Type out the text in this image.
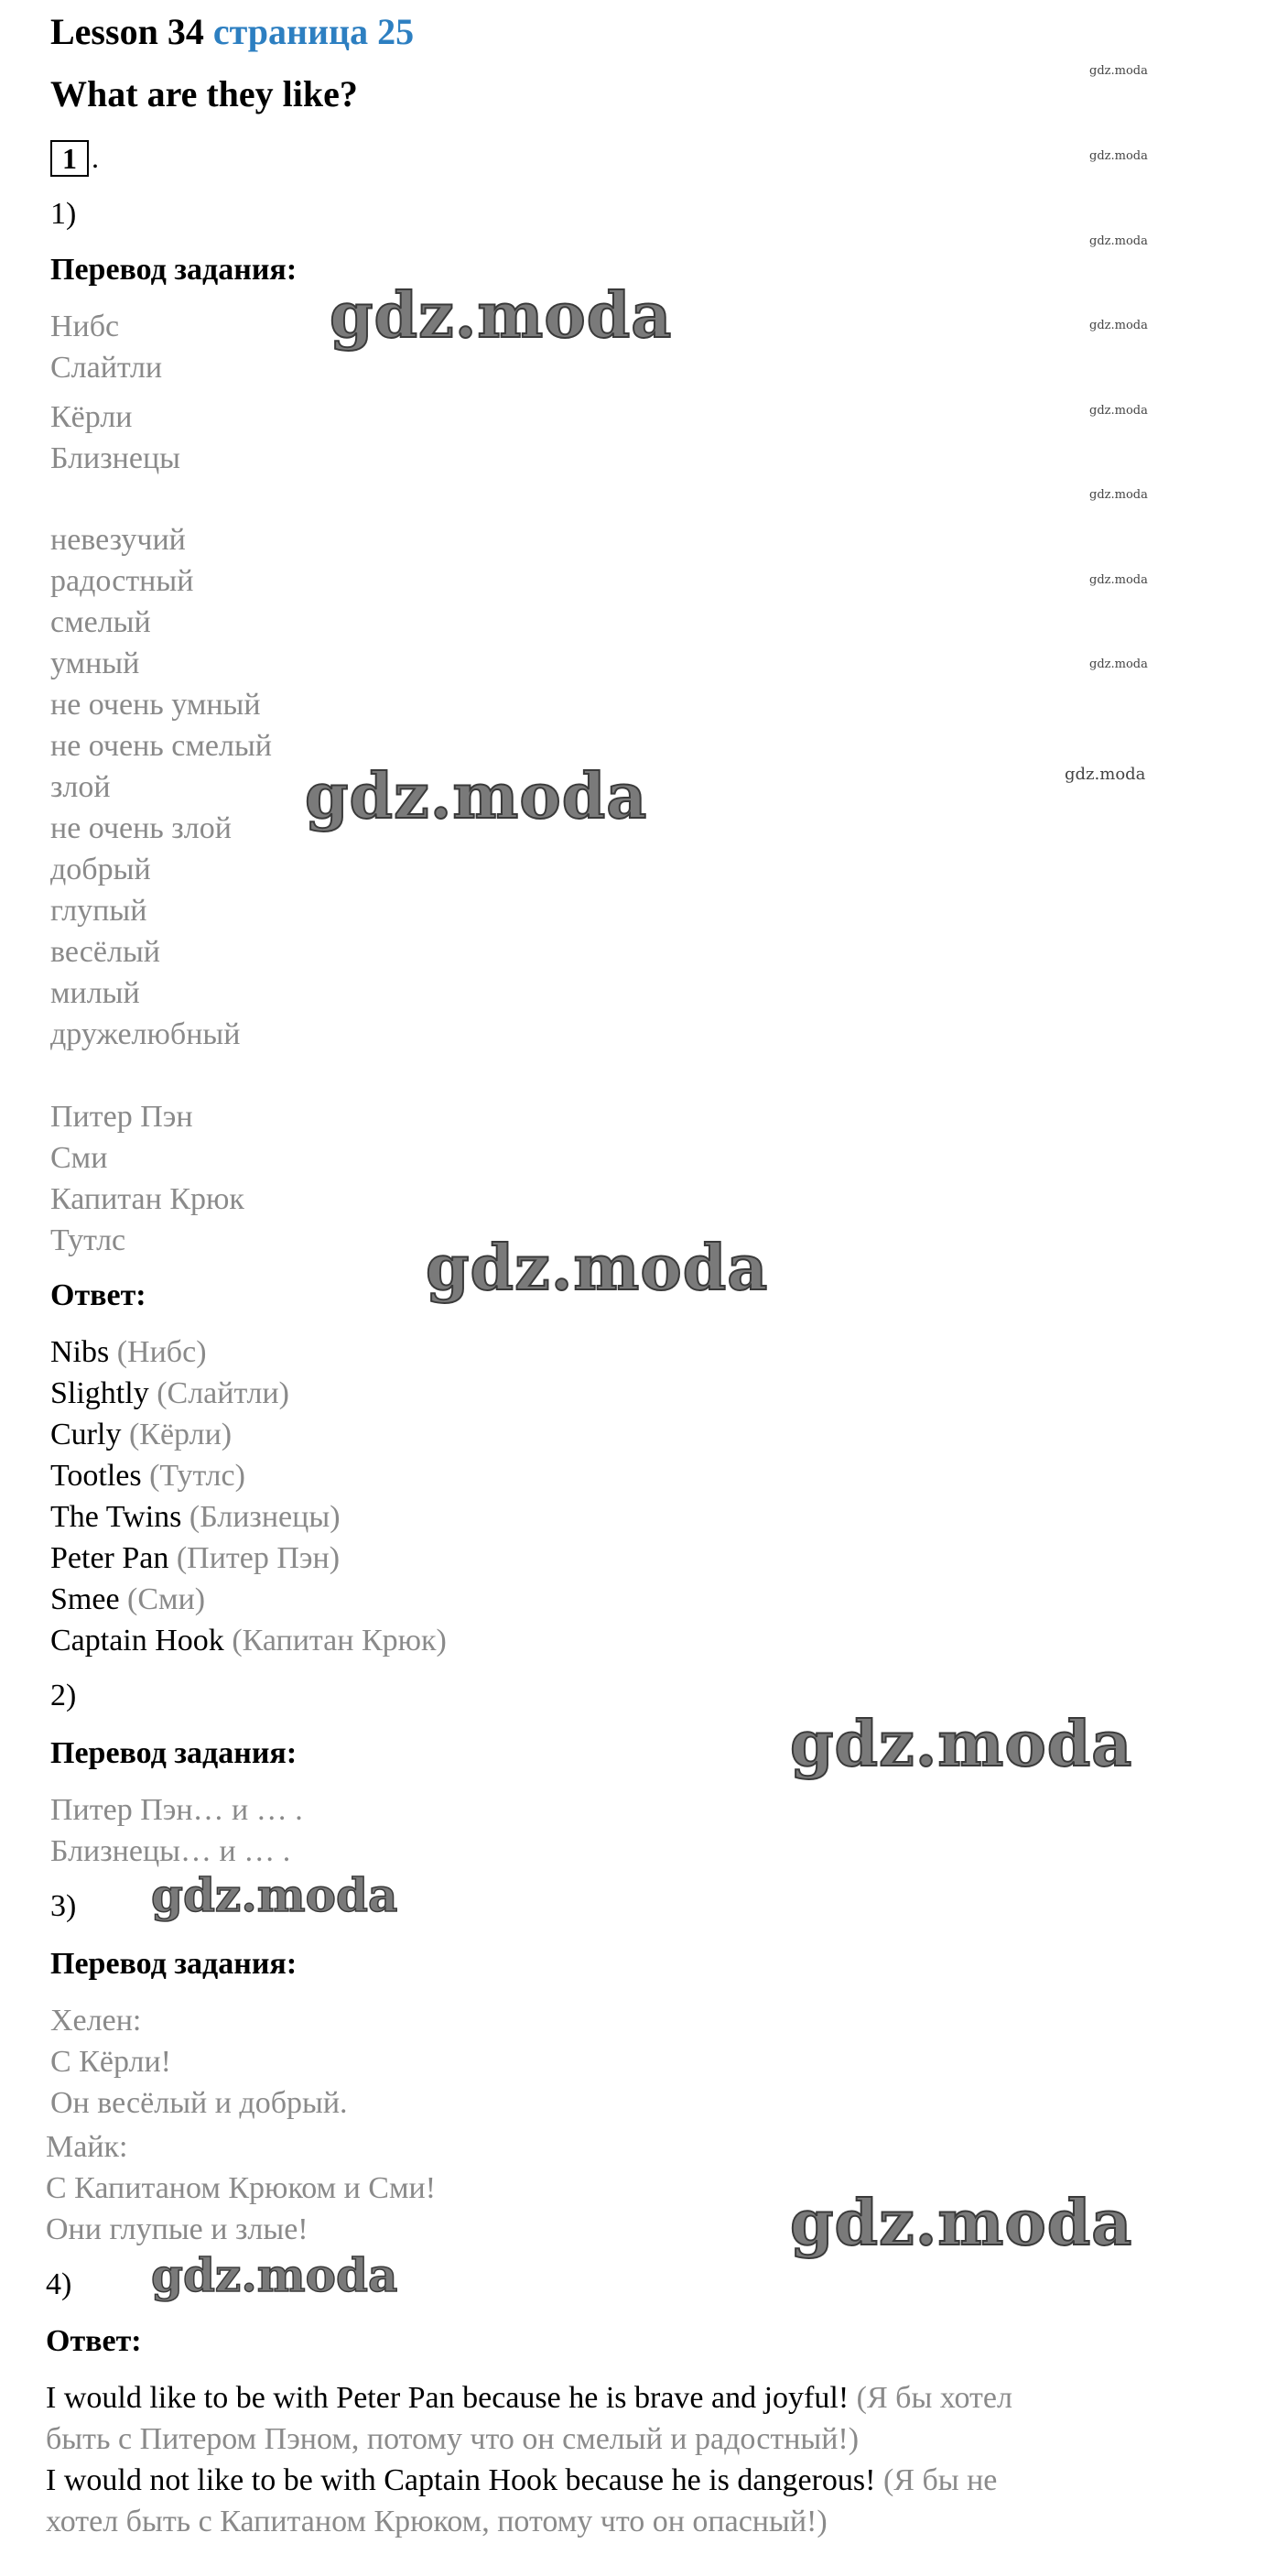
Lesson 34 страница 25
What are they like?
1 .
1)
Перевод задания:
Нибс
Слайтли
Кёрли
Близнецы
невезучий
радостный
смелый
умный
не очень умный
не очень смелый
злой
не очень злой
добрый
глупый
весёлый
милый
дружелюбный
Питер Пэн
Сми
Капитан Крюк
Тутлс
Ответ:
Nibs (Нибс)
Slightly (Слайтли)
Curly (Кёрли)
Tootles (Тутлс)
The Twins (Близнецы)
Peter Pan (Питер Пэн)
Smee (Сми)
Captain Hook (Капитан Крюк)
2)
Перевод задания:
Питер Пэн… и … .
Близнецы… и … .
3)
Перевод задания:
Хелен:
С Кёрли!
Он весёлый и добрый.
Майк:
С Капитаном Крюком и Сми!
Они глупые и злые!
4)
Ответ:
I would like to be with Peter Pan because he is brave and joyful! (Я бы хотел
быть с Питером Пэном, потому что он смелый и радостный!)
I would not like to be with Captain Hook because he is dangerous! (Я бы не
хотел быть с Капитаном Крюком, потому что он опасный!)
gdz.moda
gdz.moda
gdz.moda
gdz.moda
gdz.moda
gdz.moda
gdz.moda
gdz.moda
gdz.moda
gdz.moda
gdz.moda
gdz.moda
gdz.moda
gdz.moda
gdz.moda
gdz.moda
